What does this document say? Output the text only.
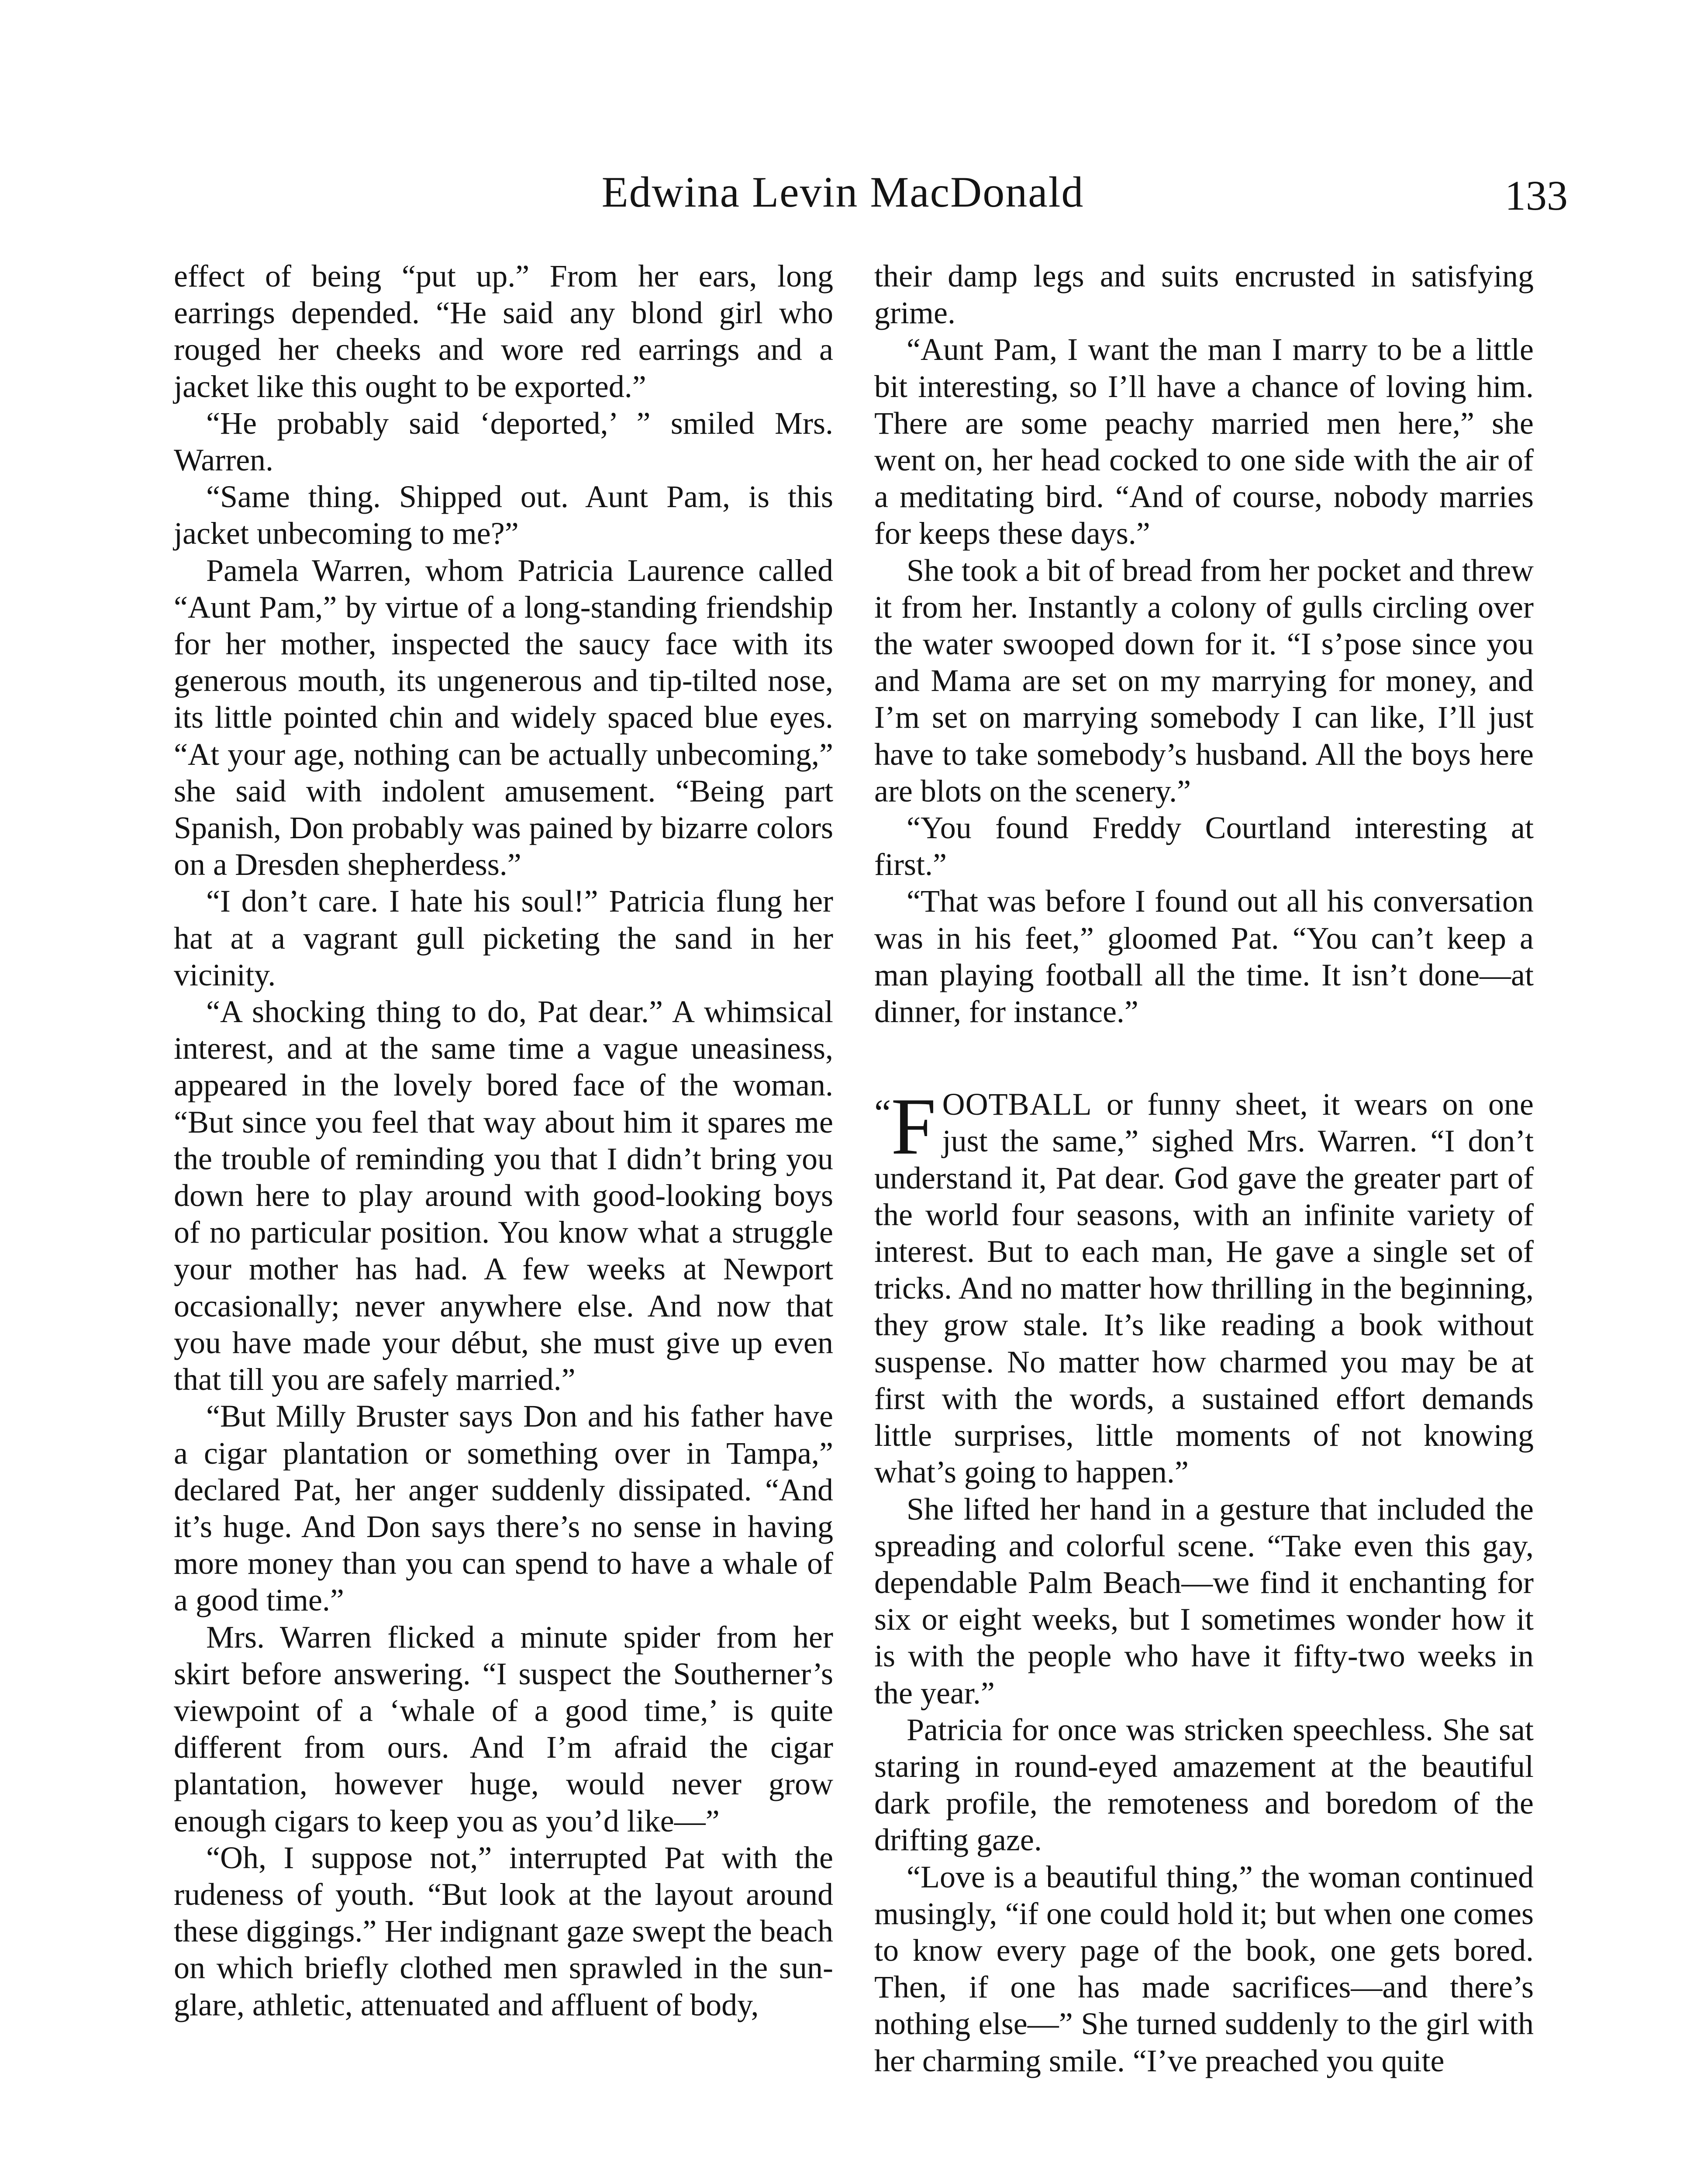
Edwina Levin MacDonald	133

effect of being “put up.” From her ears, long earrings depended. “He said any blond girl who rouged her cheeks and wore red earrings and a jacket like this ought to be exported.”

“He probably said ‘deported,’ ” smiled Mrs. Warren.

“Same thing. Shipped out. Aunt Pam, is this jacket unbecoming to me?”

Pamela Warren, whom Patricia Laurence called “Aunt Pam,” by virtue of a long-standing friendship for her mother, inspected the saucy face with its generous mouth, its ungenerous and tip-tilted nose, its little pointed chin and widely spaced blue eyes. “At your age, nothing can be actually unbecoming,” she said with indolent amusement. “Being part Spanish, Don probably was pained by bizarre colors on a Dresden shepherdess.”

“I don’t care. I hate his soul!” Patricia flung her hat at a vagrant gull picketing the sand in her vicinity.

“A shocking thing to do, Pat dear.” A whimsical interest, and at the same time a vague uneasiness, appeared in the lovely bored face of the woman. “But since you feel that way about him it spares me the trouble of reminding you that I didn’t bring you down here to play around with good-looking boys of no particular position. You know what a struggle your mother has had. A few weeks at Newport occasionally; never anywhere else. And now that you have made your début, she must give up even that till you are safely married.”

“But Milly Bruster says Don and his father have a cigar plantation or something over in Tampa,” declared Pat, her anger suddenly dissipated. “And it’s huge. And Don says there’s no sense in having more money than you can spend to have a whale of a good time.”

Mrs. Warren flicked a minute spider from her skirt before answering. “I suspect the Southerner’s viewpoint of a ‘whale of a good time,’ is quite different from ours. And I’m afraid the cigar plantation, however huge, would never grow enough cigars to keep you as you’d like—”

“Oh, I suppose not,” interrupted Pat with the rudeness of youth. “But look at the layout around these diggings.” Her indignant gaze swept the beach on which briefly clothed men sprawled in the sun-glare, athletic, attenuated and affluent of body,

their damp legs and suits encrusted in satisfying grime.

“Aunt Pam, I want the man I marry to be a little bit interesting, so I’ll have a chance of loving him. There are some peachy married men here,” she went on, her head cocked to one side with the air of a meditating bird. “And of course, nobody marries for keeps these days.”

She took a bit of bread from her pocket and threw it from her. Instantly a colony of gulls circling over the water swooped down for it. “I s’pose since you and Mama are set on my marrying for money, and I’m set on marrying somebody I can like, I’ll just have to take somebody’s husband. All the boys here are blots on the scenery.”

“You found Freddy Courtland interesting at first.”

“That was before I found out all his conversation was in his feet,” gloomed Pat. “You can’t keep a man playing football all the time. It isn’t done—at dinner, for instance.”

“F OOTBALL or funny sheet, it wears on one just the same,” sighed Mrs. Warren. “I don’t understand it, Pat dear. God gave the greater part of the world four seasons, with an infinite variety of interest. But to each man, He gave a single set of tricks. And no matter how thrilling in the beginning, they grow stale. It’s like reading a book without suspense. No matter how charmed you may be at first with the words, a sustained effort demands little surprises, little moments of not knowing what’s going to happen.”

She lifted her hand in a gesture that included the spreading and colorful scene. “Take even this gay, dependable Palm Beach—we find it enchanting for six or eight weeks, but I sometimes wonder how it is with the people who have it fifty-two weeks in the year.”

Patricia for once was stricken speechless. She sat staring in round-eyed amazement at the beautiful dark profile, the remoteness and boredom of the drifting gaze.

“Love is a beautiful thing,” the woman continued musingly, “if one could hold it; but when one comes to know every page of the book, one gets bored. Then, if one has made sacrifices—and there’s nothing else—” She turned suddenly to the girl with her charming smile. “I’ve preached you quite
